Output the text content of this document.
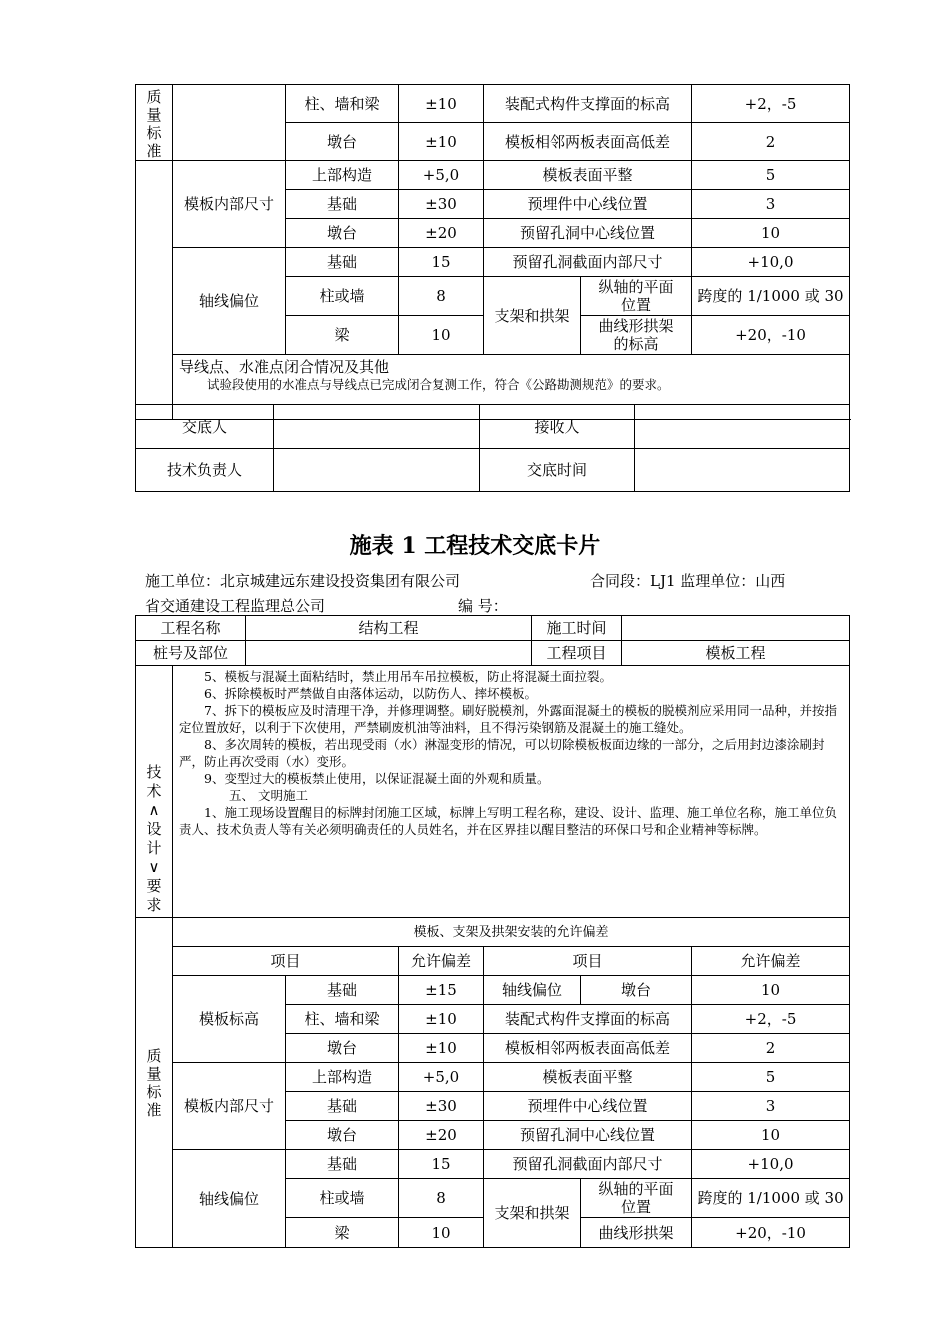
质量标准		柱、墙和梁	±10	装配式构件支撑面的标高		+2，-5
		墩台	±10	模板相邻两板表面高低差		2
	模板内部尺寸	上部构造	+5,0	模板表面平整		5
		基础	±30	预埋件中心线位置		3
		墩台	±20	预留孔洞中心线位置		10
	轴线偏位	基础	15	预留孔洞截面内部尺寸		+10,0
		柱或墙	8	支架和拱架	纵轴的平面位置	跨度的 1/1000 或 30
		梁	10		曲线形拱架的标高	+20，-10

	导线点、水准点闭合情况及其他
试验段使用的水准点与导线点已完成闭合复测工作，符合《公路勘测规范》的要求。					
交底人		接收人	
技术负责人		交底时间	
施表 1 工程技术交底卡片
施工单位：北京城建远东建设投资集团有限公司	合同段：LJ1 监理单位：山西
省交通建设工程监理总公司	编 号：
工程名称	结构工程	施工时间	
桩号及部位		工程项目	模板工程
技术∧设计∨要求

5、模板与混凝土面粘结时，禁止用吊车吊拉模板，防止将混凝土面拉裂。

6、拆除模板时严禁做自由落体运动，以防伤人、摔坏模板。

7、拆下的模板应及时清理干净，并修理调整。刷好脱模剂，外露面混凝土的模板的脱模剂应采用同一品种，并按指定位置放好，以利于下次使用，严禁刷废机油等油料，且不得污染钢筋及混凝土的施工缝处。

8、多次周转的模板，若出现受雨（水）淋湿变形的情况，可以切除模板板面边缘的一部分，之后用封边漆涂刷封严，防止再次受雨（水）变形。

9、变型过大的模板禁止使用，以保证混凝土面的外观和质量。

五、 文明施工

1、施工现场设置醒目的标牌封闭施工区域，标牌上写明工程名称，建设、设计、监理、施工单位名称，施工单位负责人、技术负责人等有关必须明确责任的人员姓名，并在区界挂以醒目整洁的环保口号和企业精神等标牌。

质量标准	模板、支架及拱架安装的允许偏差					
	项目		允许偏差	项目		允许偏差
	模板标高	基础	±15	轴线偏位	墩台	10
		柱、墙和梁	±10	装配式构件支撑面的标高		+2，-5
		墩台	±10	模板相邻两板表面高低差		2
	模板内部尺寸	上部构造	+5,0	模板表面平整		5
		基础	±30	预埋件中心线位置		3
		墩台	±20	预留孔洞中心线位置		10
	轴线偏位	基础	15	预留孔洞截面内部尺寸		+10,0
		柱或墙	8	支架和拱架	纵轴的平面位置	跨度的 1/1000 或 30
		梁	10		曲线形拱架	+20，-10
